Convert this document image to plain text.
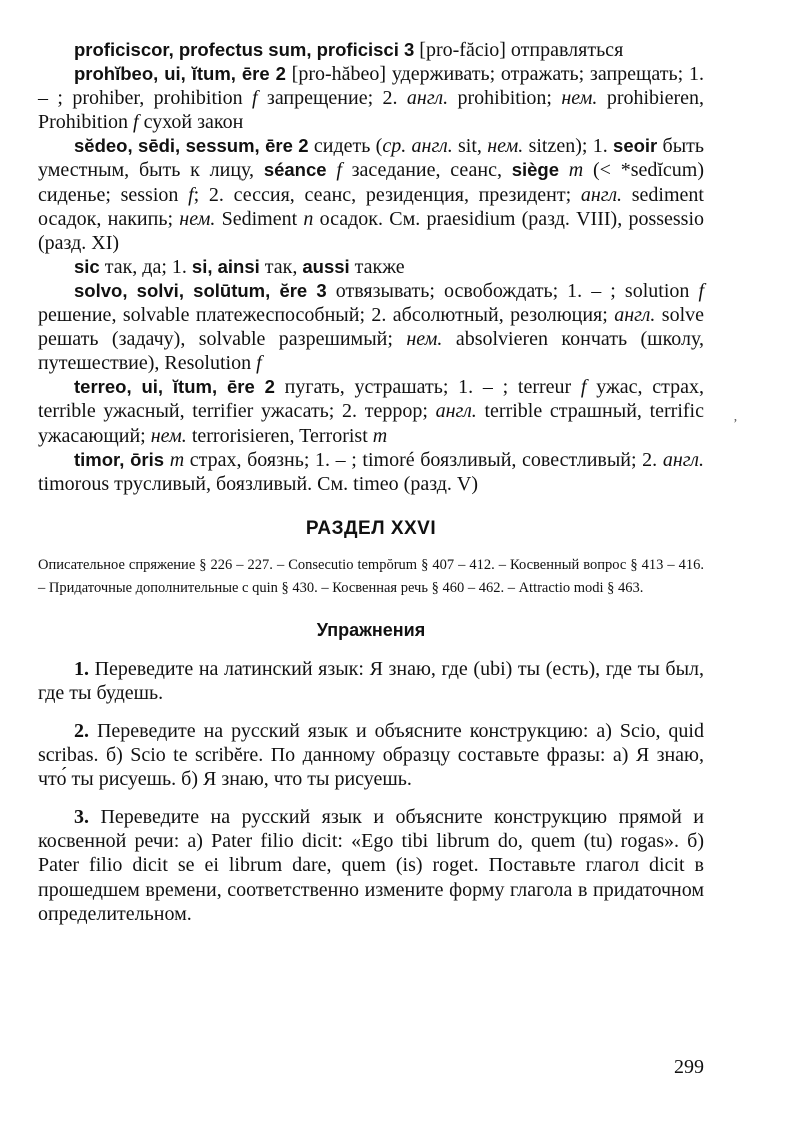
proficiscor, profectus sum, proficisci 3 [pro-făcio] отправляться

prohĭbeo, ui, ĭtum, ēre 2 [pro-hăbeo] удерживать; отражать; запрещать; 1. – ; prohiber, prohibition f запрещение; 2. англ. prohibition; нем. prohibieren, Prohibition f сухой закон

sĕdeo, sēdi, sessum, ēre 2 сидеть (ср. англ. sit, нем. sitzen); 1. seoir быть уместным, быть к лицу, séance f заседание, сеанс, siège m (< *sedĭcum) сиденье; session f; 2. сессия, сеанс, резиденция, президент; англ. sediment осадок, накипь; нем. Sediment n осадок. См. praesidium (разд. VIII), possessio (разд. XI)

sic так, да; 1. si, ainsi так, aussi также

solvo, solvi, solūtum, ĕre 3 отвязывать; освобождать; 1. – ; solution f решение, solvable платежеспособный; 2. абсолютный, резолюция; англ. solve решать (задачу), solvable разрешимый; нем. absolvieren кончать (школу, путешествие), Resolution f

terreo, ui, ĭtum, ēre 2 пугать, устрашать; 1. – ; terreur f ужас, страх, terrible ужасный, terrifier ужасать; 2. террор; англ. terrible страшный, terrific ужасающий; нем. terrorisieren, Terrorist m

timor, ōris m страх, боязнь; 1. – ; timoré боязливый, совестливый; 2. англ. timorous трусливый, боязливый. См. timeo (разд. V)

РАЗДЕЛ XXVI

Описательное спряжение § 226 – 227. – Consecutio tempŏrum § 407 – 412. – Косвенный вопрос § 413 – 416. – Придаточные дополнительные с quin § 430. – Косвенная речь § 460 – 462. – Attractio modi § 463.

Упражнения

1. Переведите на латинский язык: Я знаю, где (ubi) ты (есть), где ты был, где ты будешь.

2. Переведите на русский язык и объясните конструкцию: а) Scio, quid scribas. б) Scio te scribĕre. По данному образцу составьте фразы: а) Я знаю, что́ ты рисуешь. б) Я знаю, что ты рисуешь.

3. Переведите на русский язык и объясните конструкцию прямой и косвенной речи: а) Pater filio dicit: «Ego tibi librum do, quem (tu) rogas». б) Pater filio dicit se ei librum dare, quem (is) roget. Поставьте глагол dicit в прошедшем времени, соответственно измените форму глагола в придаточном определительном.

ʼ
299
